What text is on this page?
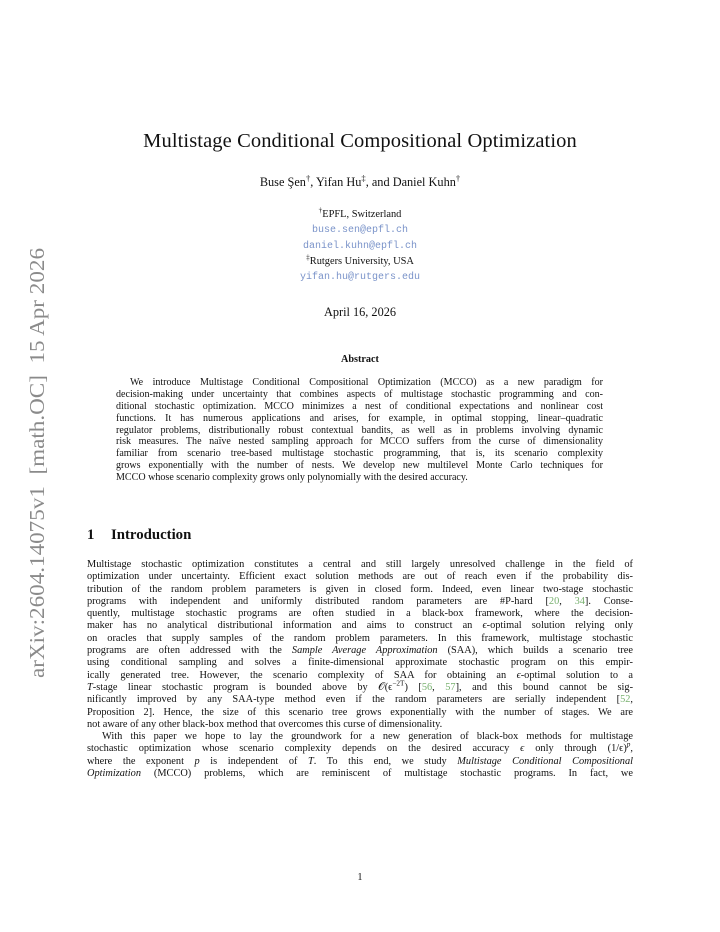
arXiv:2604.14075v1  [math.OC]  15 Apr 2026
Multistage Conditional Compositional Optimization
Buse Şen†, Yifan Hu‡, and Daniel Kuhn†
†EPFL, Switzerland
buse.sen@epfl.ch
daniel.kuhn@epfl.ch
‡Rutgers University, USA
yifan.hu@rutgers.edu
April 16, 2026
Abstract
We introduce Multistage Conditional Compositional Optimization (MCCO) as a new paradigm for
decision-making under uncertainty that combines aspects of multistage stochastic programming and con-
ditional stochastic optimization. MCCO minimizes a nest of conditional expectations and nonlinear cost
functions. It has numerous applications and arises, for example, in optimal stopping, linear–quadratic
regulator problems, distributionally robust contextual bandits, as well as in problems involving dynamic
risk measures. The naïve nested sampling approach for MCCO suffers from the curse of dimensionality
familiar from scenario tree-based multistage stochastic programming, that is, its scenario complexity
grows exponentially with the number of nests. We develop new multilevel Monte Carlo techniques for
MCCO whose scenario complexity grows only polynomially with the desired accuracy.
1 Introduction
Multistage stochastic optimization constitutes a central and still largely unresolved challenge in the field of
optimization under uncertainty. Efficient exact solution methods are out of reach even if the probability dis-
tribution of the random problem parameters is given in closed form. Indeed, even linear two-stage stochastic
programs with independent and uniformly distributed random parameters are #P-hard [20, 34]. Conse-
quently, multistage stochastic programs are often studied in a black-box framework, where the decision-
maker has no analytical distributional information and aims to construct an ϵ-optimal solution relying only
on oracles that supply samples of the random problem parameters. In this framework, multistage stochastic
programs are often addressed with the Sample Average Approximation (SAA), which builds a scenario tree
using conditional sampling and solves a finite-dimensional approximate stochastic program on this empir-
ically generated tree. However, the scenario complexity of SAA for obtaining an ϵ-optimal solution to a
T-stage linear stochastic program is bounded above by $𝒪(\epsilon^{-2T})$ [56, 57], and this bound cannot be sig-
nificantly improved by any SAA-type method even if the random parameters are serially independent [52,
Proposition 2]. Hence, the size of this scenario tree grows exponentially with the number of stages. We are
not aware of any other black-box method that overcomes this curse of dimensionality.
With this paper we hope to lay the groundwork for a new generation of black-box methods for multistage
stochastic optimization whose scenario complexity depends on the desired accuracy ϵ only through $(1/\epsilon)^p$,
where the exponent p is independent of T. To this end, we study Multistage Conditional Compositional
Optimization (MCCO) problems, which are reminiscent of multistage stochastic programs. In fact, we
1
